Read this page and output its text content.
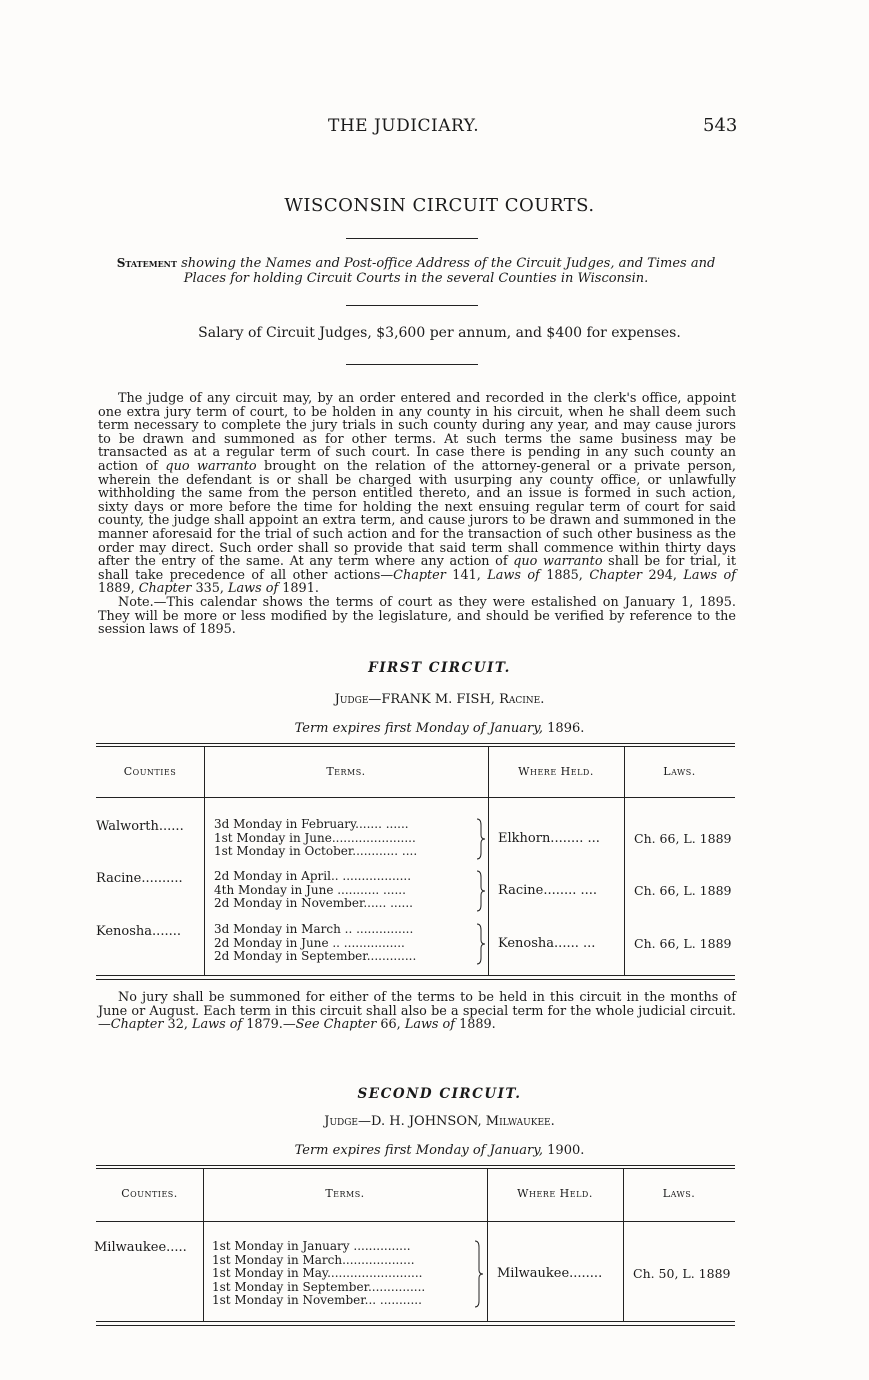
THE JUDICIARY.	543
WISCONSIN CIRCUIT COURTS.
Statement showing the Names and Post-office Address of the Circuit Judges, and Times and Places for holding Circuit Courts in the several Counties in Wisconsin.
Salary of Circuit Judges, $3,600 per annum, and $400 for expenses.

The judge of any circuit may, by an order entered and recorded in the clerk's office, appoint one extra jury term of court, to be holden in any county in his circuit, when he shall deem such term necessary to complete the jury trials in such county during any year, and may cause jurors to be drawn and summoned as for other terms. At such terms the same business may be transacted as at a regular term of such court. In case there is pending in any such county an action of quo warranto brought on the relation of the attorney-general or a private person, wherein the defendant is or shall be charged with usurping any county office, or unlawfully withholding the same from the person entitled thereto, and an issue is formed in such action, sixty days or more before the time for holding the next ensuing regular term of court for said county, the judge shall appoint an extra term, and cause jurors to be drawn and summoned in the manner aforesaid for the trial of such action and for the transaction of such other business as the order may direct. Such order shall so provide that said term shall commence within thirty days after the entry of the same. At any term where any action of quo warranto shall be for trial, it shall take precedence of all other actions—Chapter 141, Laws of 1885, Chapter 294, Laws of 1889, Chapter 335, Laws of 1891.

Note.—This calendar shows the terms of court as they were estalished on January 1, 1895. They will be more or less modified by the legislature, and should be verified by reference to the session laws of 1895.

FIRST CIRCUIT.
Judge—FRANK M. FISH, Racine.
Term expires first Monday of January, 1896.
Counties	Terms.	Where Held.	Laws.
Walworth......	3d Monday in February....... ......
1st Monday in June......................
1st Monday in October............ ....
Elkhorn........ ...	Ch. 66, L. 1889
Racine..........	2d Monday in April.. ..................
4th Monday in June ........... ......
2d Monday in November...... ......
Racine........ ....	Ch. 66, L. 1889
Kenosha.......	3d Monday in March .. ...............
2d Monday in June .. ................
2d Monday in September.............
Kenosha...... ...	Ch. 66, L. 1889

No jury shall be summoned for either of the terms to be held in this circuit in the months of June or August. Each term in this circuit shall also be a special term for the whole judicial circuit.—Chapter 32, Laws of 1879.—See Chapter 66, Laws of 1889.

SECOND CIRCUIT.
Judge—D. H. JOHNSON, Milwaukee.
Term expires first Monday of January, 1900.
Counties.	Terms.	Where Held.	Laws.
Milwaukee..... 1st Monday in January ...............
1st Monday in March...................
1st Monday in May.........................
1st Monday in September...............
1st Monday in November... ...........
Milwaukee........ Ch. 50, L. 1889
